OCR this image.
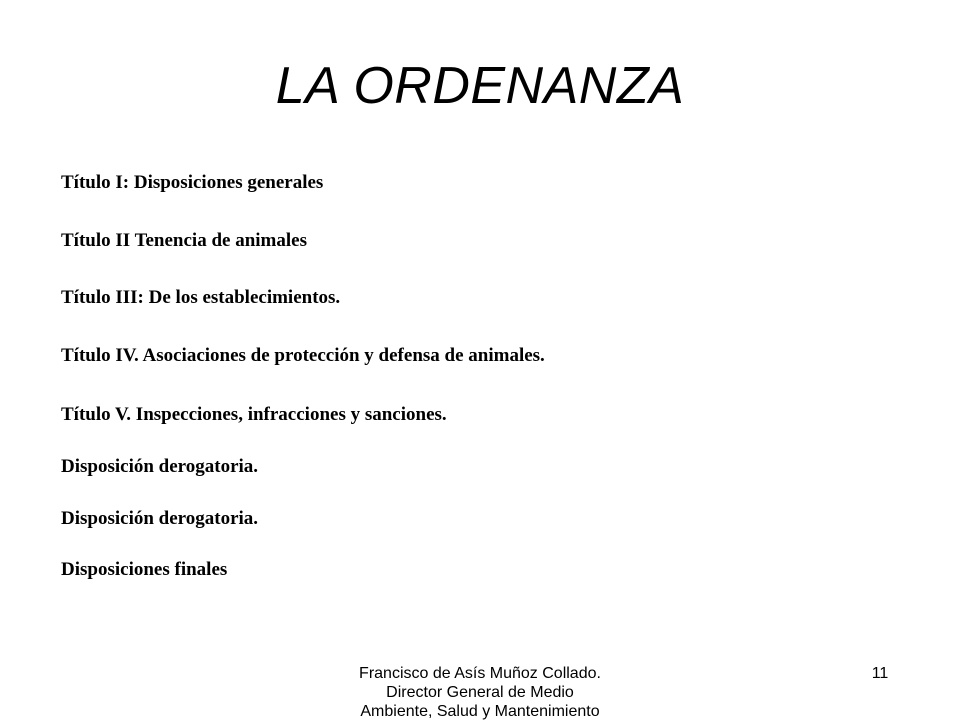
LA ORDENANZA
Título I: Disposiciones generales
Título II Tenencia de animales
Título III: De los establecimientos.
Título IV. Asociaciones de protección y defensa de animales.
Título V. Inspecciones, infracciones y sanciones.
Disposición derogatoria.
Disposición derogatoria.
Disposiciones finales
Francisco de Asís Muñoz Collado.
Director General de Medio
Ambiente, Salud y Mantenimiento
11
